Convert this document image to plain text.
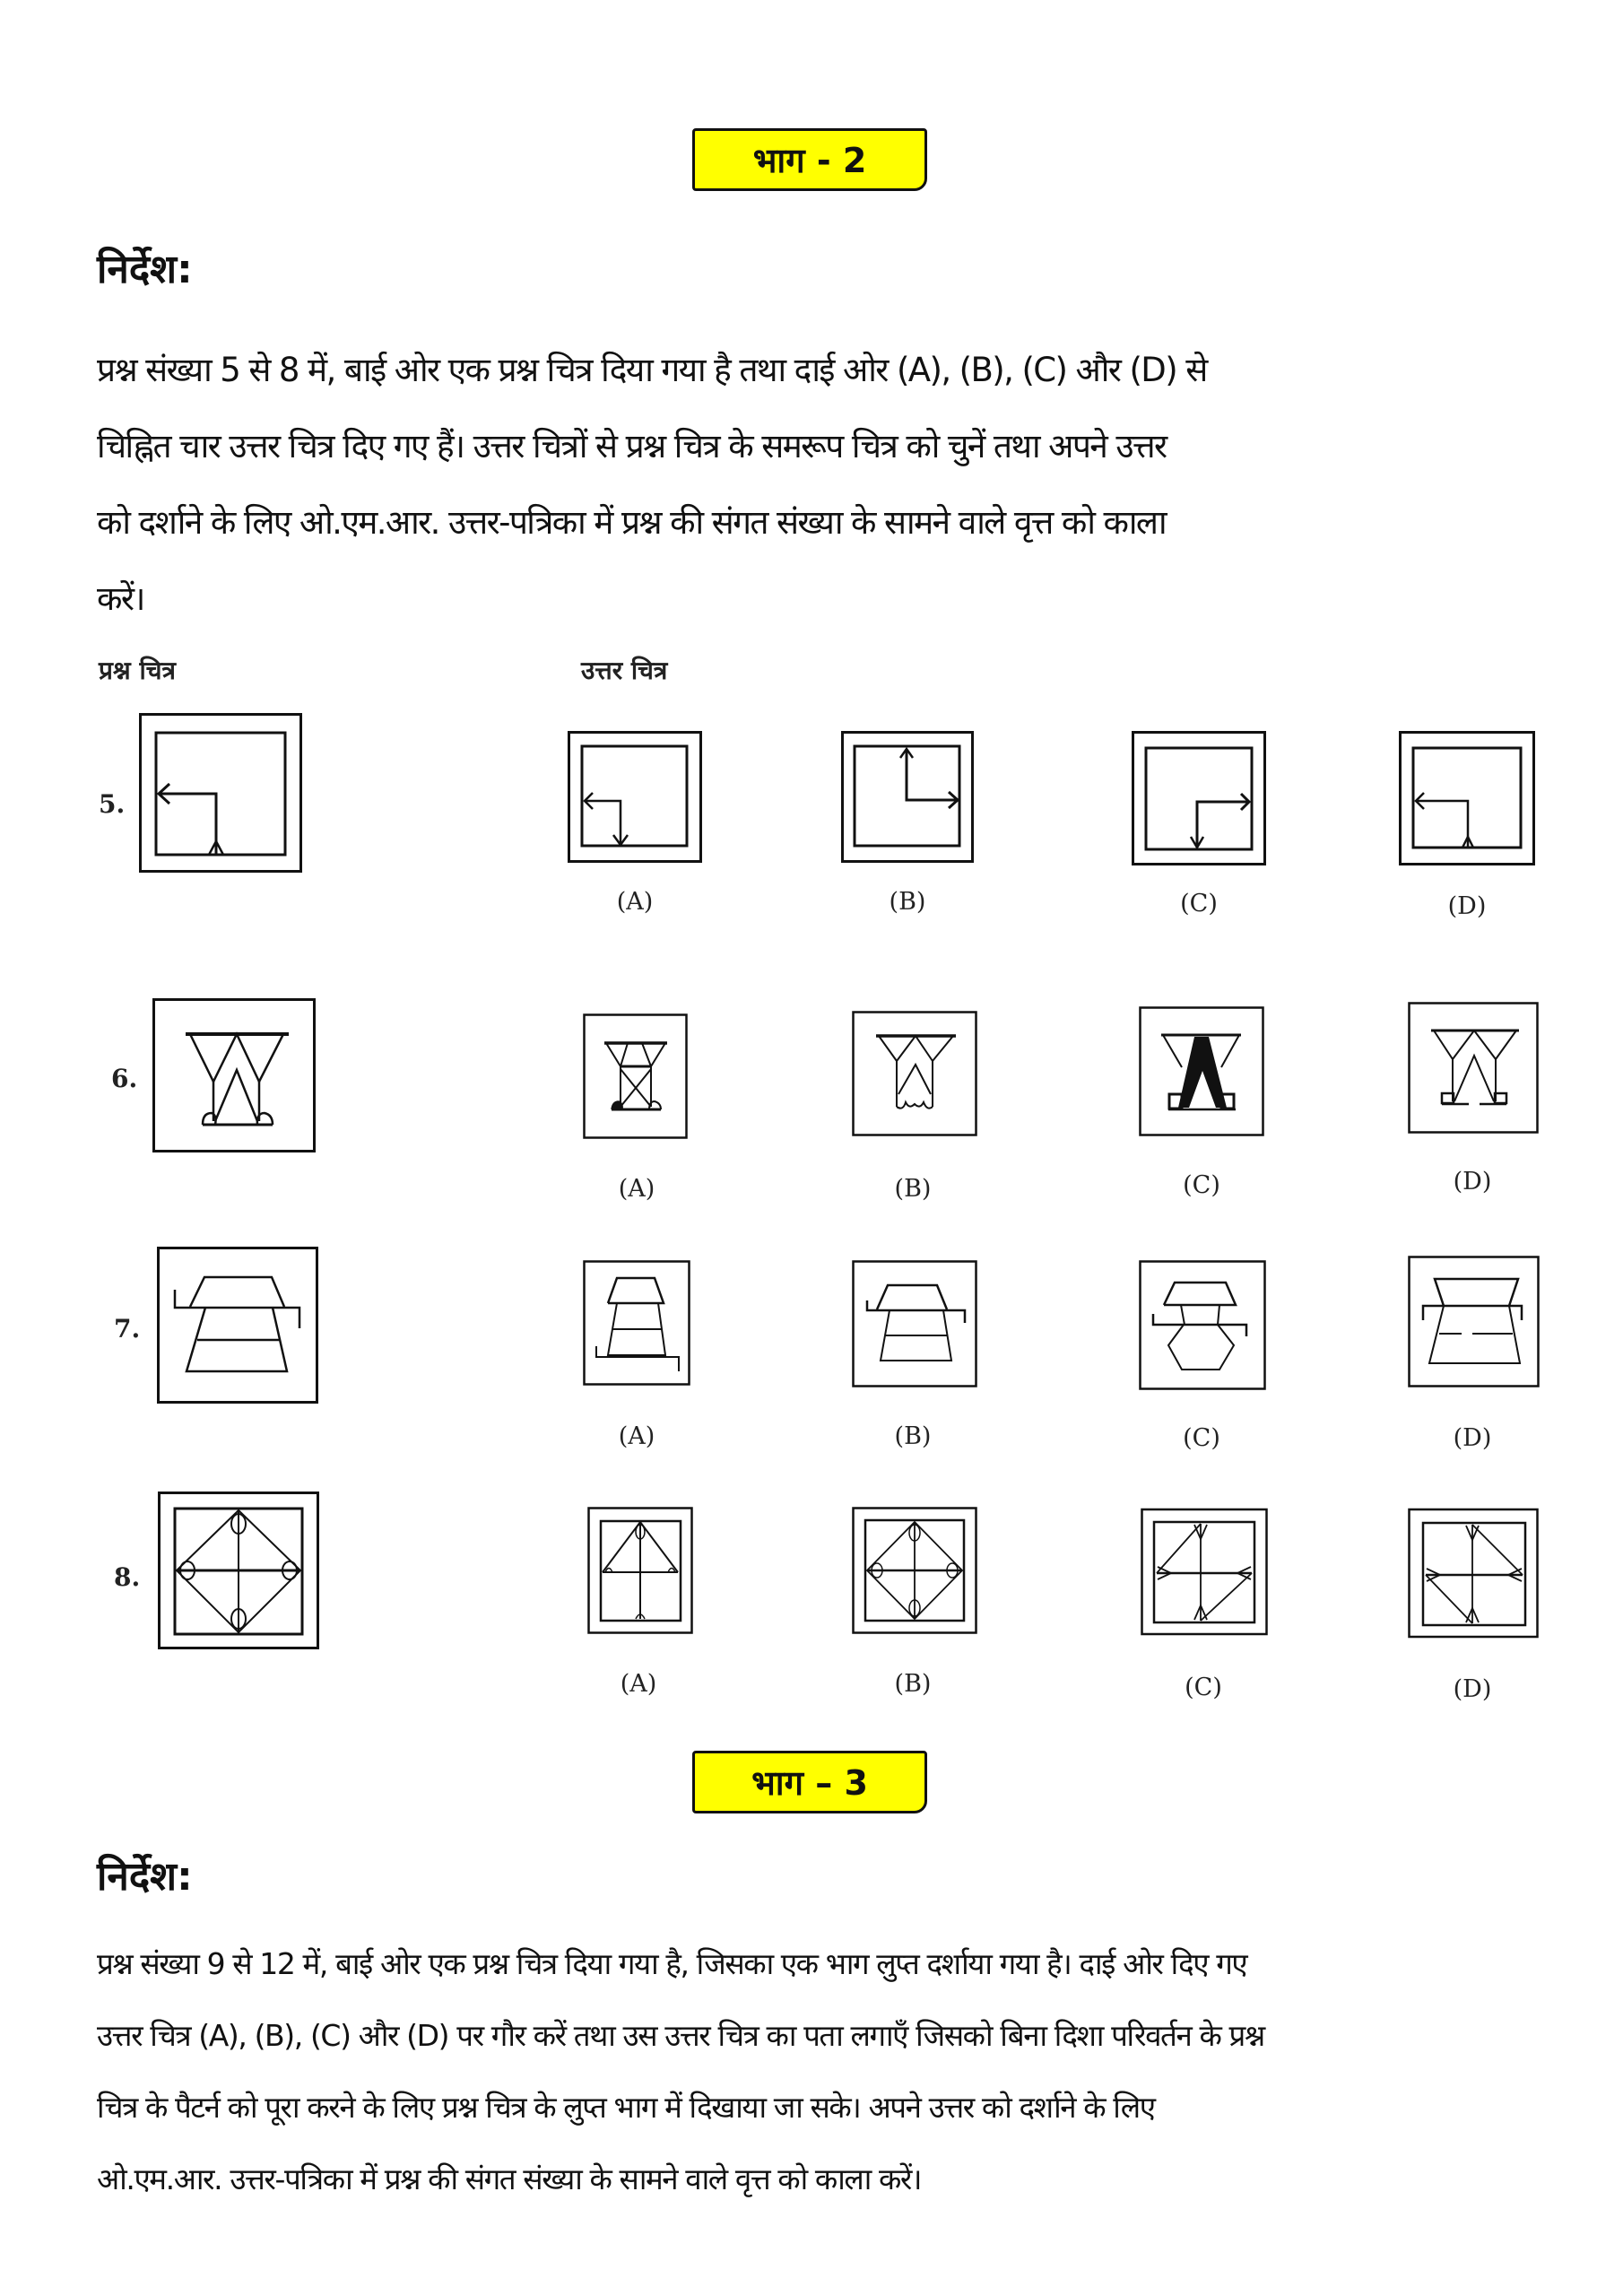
भाग - 2
निर्देश:
प्रश्न संख्या 5 से 8 में, बाई ओर एक प्रश्न चित्र दिया गया है तथा दाई ओर (A), (B), (C) और (D) से
चिह्नित चार उत्तर चित्र दिए गए हैं। उत्तर चित्रों से प्रश्न चित्र के समरूप चित्र को चुनें तथा अपने उत्तर
को दर्शाने के लिए ओ.एम.आर. उत्तर-पत्रिका में प्रश्न की संगत संख्या के सामने वाले वृत्त को काला
करें।
प्रश्न चित्र	उत्तर चित्र
5.
(A)	(B)	(C)	(D)
6.
(A)	(B)	(C)	(D)
7.
(A)	(B)	(C)	(D)
8.
(A)	(B)	(C)	(D)
भाग – 3
निर्देश:
प्रश्न संख्या 9 से 12 में, बाई ओर एक प्रश्न चित्र दिया गया है, जिसका एक भाग लुप्त दर्शाया गया है। दाई ओर दिए गए
उत्तर चित्र (A), (B), (C) और (D) पर गौर करें तथा उस उत्तर चित्र का पता लगाएँ जिसको बिना दिशा परिवर्तन के प्रश्न
चित्र के पैटर्न को पूरा करने के लिए प्रश्न चित्र के लुप्त भाग में दिखाया जा सके। अपने उत्तर को दर्शाने के लिए
ओ.एम.आर. उत्तर-पत्रिका में प्रश्न की संगत संख्या के सामने वाले वृत्त को काला करें।
